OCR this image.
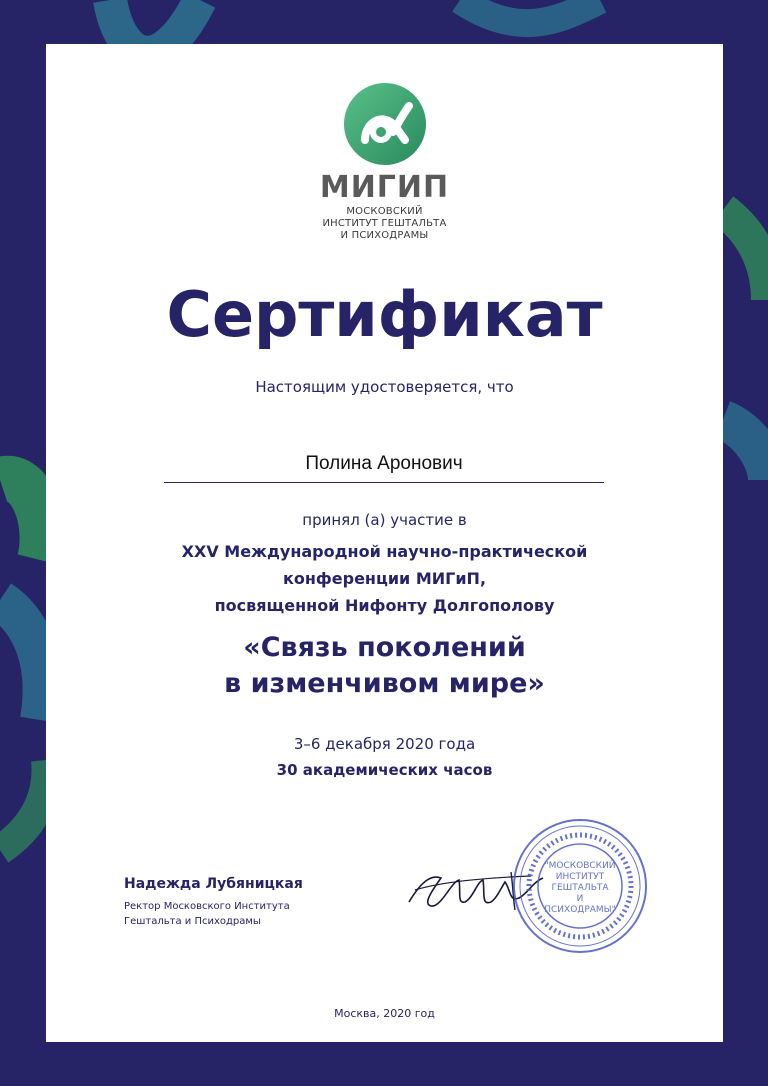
МИГИП
МОСКОВСКИЙ
ИНСТИТУТ ГЕШТАЛЬТА
И ПСИХОДРАМЫ
Сертификат
Настоящим удостоверяется, что
Полина Аронович
принял (а) участие в
XXV Международной научно-практической
конференции МИГиП,
посвященной Нифонту Долгополову
«Связь поколений
в изменчивом мире»
3–6 декабря 2020 года
30 академических часов
Надежда Лубяницкая
Ректор Московского Института
Гештальта и Психодрамы
"МОСКОВСКИЙ
ИНСТИТУТ
ГЕШТАЛЬТА
И
ПСИХОДРАМЫ"
Москва, 2020 год
